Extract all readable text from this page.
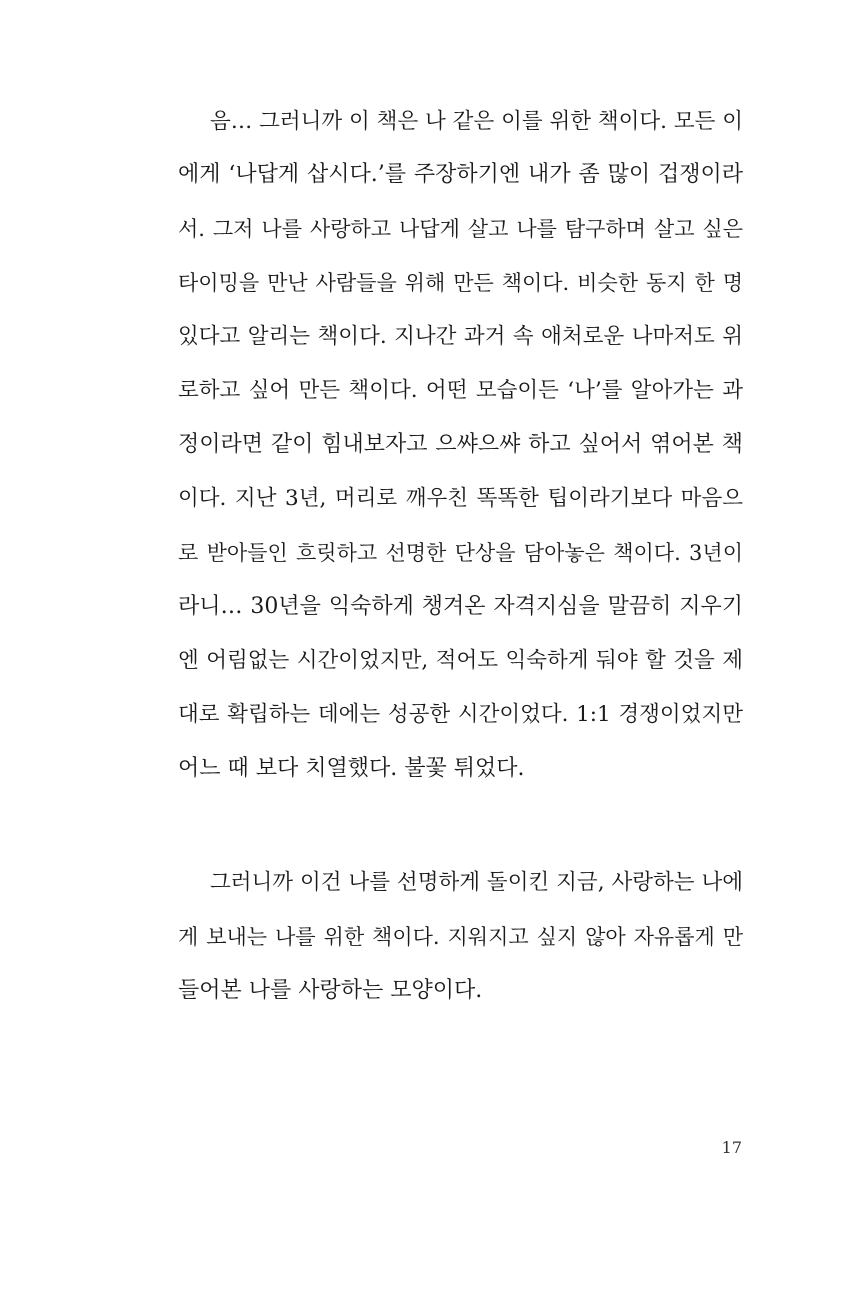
음… 그러니까 이 책은 나 같은 이를 위한 책이다. 모든 이
에게 ‘나답게 삽시다.’를 주장하기엔 내가 좀 많이 겁쟁이라
서. 그저 나를 사랑하고 나답게 살고 나를 탐구하며 살고 싶은
타이밍을 만난 사람들을 위해 만든 책이다. 비슷한 동지 한 명
있다고 알리는 책이다. 지나간 과거 속 애처로운 나마저도 위
로하고 싶어 만든 책이다. 어떤 모습이든 ‘나’를 알아가는 과
정이라면 같이 힘내보자고 으쌰으쌰 하고 싶어서 엮어본 책
이다. 지난 3년, 머리로 깨우친 똑똑한 팁이라기보다 마음으
로 받아들인 흐릿하고 선명한 단상을 담아놓은 책이다. 3년이
라니… 30년을 익숙하게 챙겨온 자격지심을 말끔히 지우기
엔 어림없는 시간이었지만, 적어도 익숙하게 둬야 할 것을 제
대로 확립하는 데에는 성공한 시간이었다. 1:1 경쟁이었지만
어느 때 보다 치열했다. 불꽃 튀었다.
그러니까 이건 나를 선명하게 돌이킨 지금, 사랑하는 나에
게 보내는 나를 위한 책이다. 지워지고 싶지 않아 자유롭게 만
들어본 나를 사랑하는 모양이다.
17
